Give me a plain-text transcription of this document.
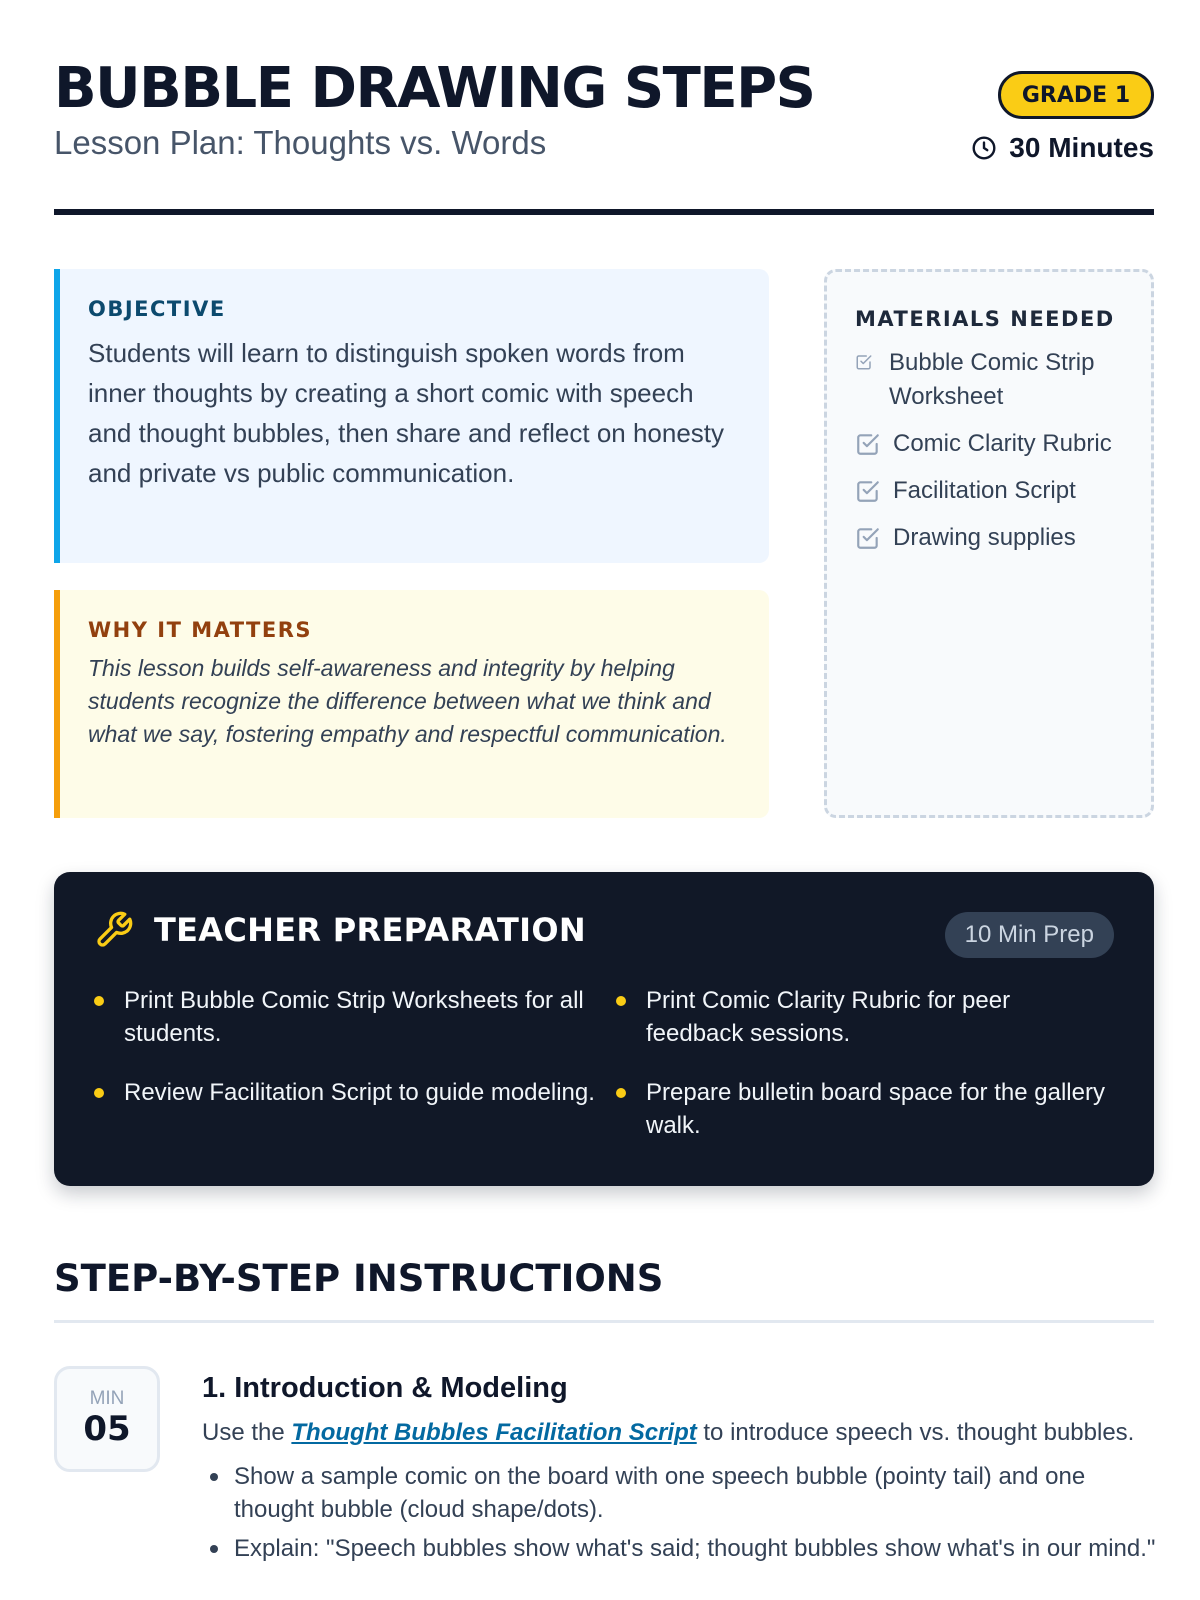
BUBBLE DRAWING STEPS
Lesson Plan: Thoughts vs. Words
GRADE 1
30 Minutes
OBJECTIVE

Students will learn to distinguish spoken words from inner thoughts by creating a short comic with speech and thought bubbles, then share and reflect on honesty and private vs public communication.

WHY IT MATTERS

This lesson builds self-awareness and integrity by helping students recognize the difference between what we think and what we say, fostering empathy and respectful communication.

MATERIALS NEEDED
Bubble Comic Strip Worksheet
Comic Clarity Rubric
Facilitation Script
Drawing supplies
TEACHER PREPARATION	10 Min Prep
Print Bubble Comic Strip Worksheets for all students.
Print Comic Clarity Rubric for peer feedback sessions.
Review Facilitation Script to guide modeling. Prepare bulletin board space for the gallery walk.
STEP-BY-STEP INSTRUCTIONS
MIN
05
1. Introduction & Modeling

Use the Thought Bubbles Facilitation Script to introduce speech vs. thought bubbles.

Show a sample comic on the board with one speech bubble (pointy tail) and one thought bubble (cloud shape/dots).
Explain: "Speech bubbles show what's said; thought bubbles show what's in our mind."
